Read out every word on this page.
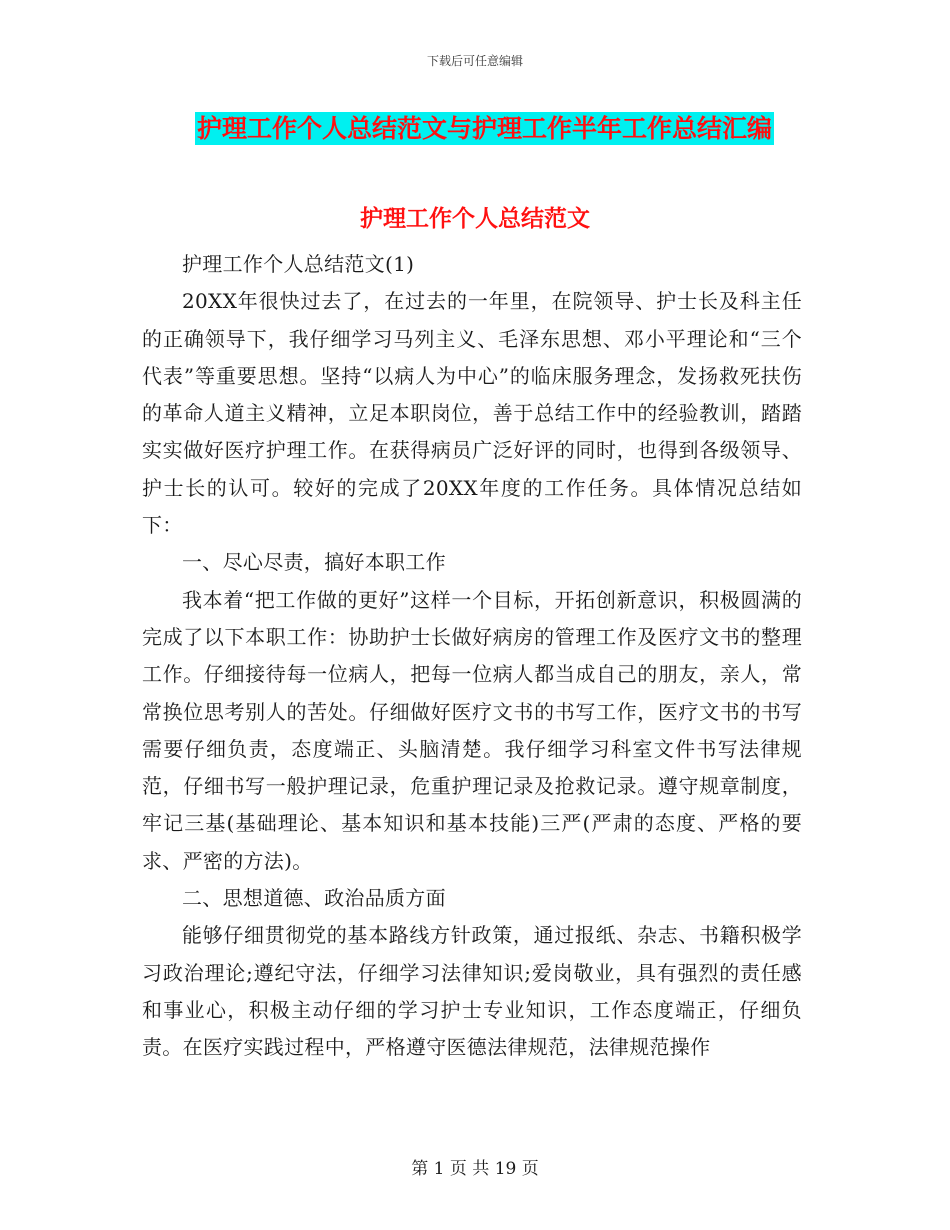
下载后可任意编辑
护理工作个人总结范文与护理工作半年工作总结汇编
护理工作个人总结范文

护理工作个人总结范文(1)

20XX年很快过去了，在过去的一年里，在院领导、护士长及科主任的正确领导下，我仔细学习马列主义、毛泽东思想、邓小平理论和“三个代表”等重要思想。坚持“以病人为中心”的临床服务理念，发扬救死扶伤的革命人道主义精神，立足本职岗位，善于总结工作中的经验教训，踏踏实实做好医疗护理工作。在获得病员广泛好评的同时，也得到各级领导、护士长的认可。较好的完成了20XX年度的工作任务。具体情况总结如下：

一、尽心尽责，搞好本职工作

我本着“把工作做的更好”这样一个目标，开拓创新意识，积极圆满的完成了以下本职工作：协助护士长做好病房的管理工作及医疗文书的整理工作。仔细接待每一位病人，把每一位病人都当成自己的朋友，亲人，常常换位思考别人的苦处。仔细做好医疗文书的书写工作，医疗文书的书写需要仔细负责，态度端正、头脑清楚。我仔细学习科室文件书写法律规范，仔细书写一般护理记录，危重护理记录及抢救记录。遵守规章制度，牢记三基(基础理论、基本知识和基本技能)三严(严肃的态度、严格的要求、严密的方法)。

二、思想道德、政治品质方面

能够仔细贯彻党的基本路线方针政策，通过报纸、杂志、书籍积极学习政治理论;遵纪守法，仔细学习法律知识;爱岗敬业，具有强烈的责任感和事业心，积极主动仔细的学习护士专业知识，工作态度端正，仔细负责。在医疗实践过程中，严格遵守医德法律规范，法律规范操作

第 1 页 共 19 页
